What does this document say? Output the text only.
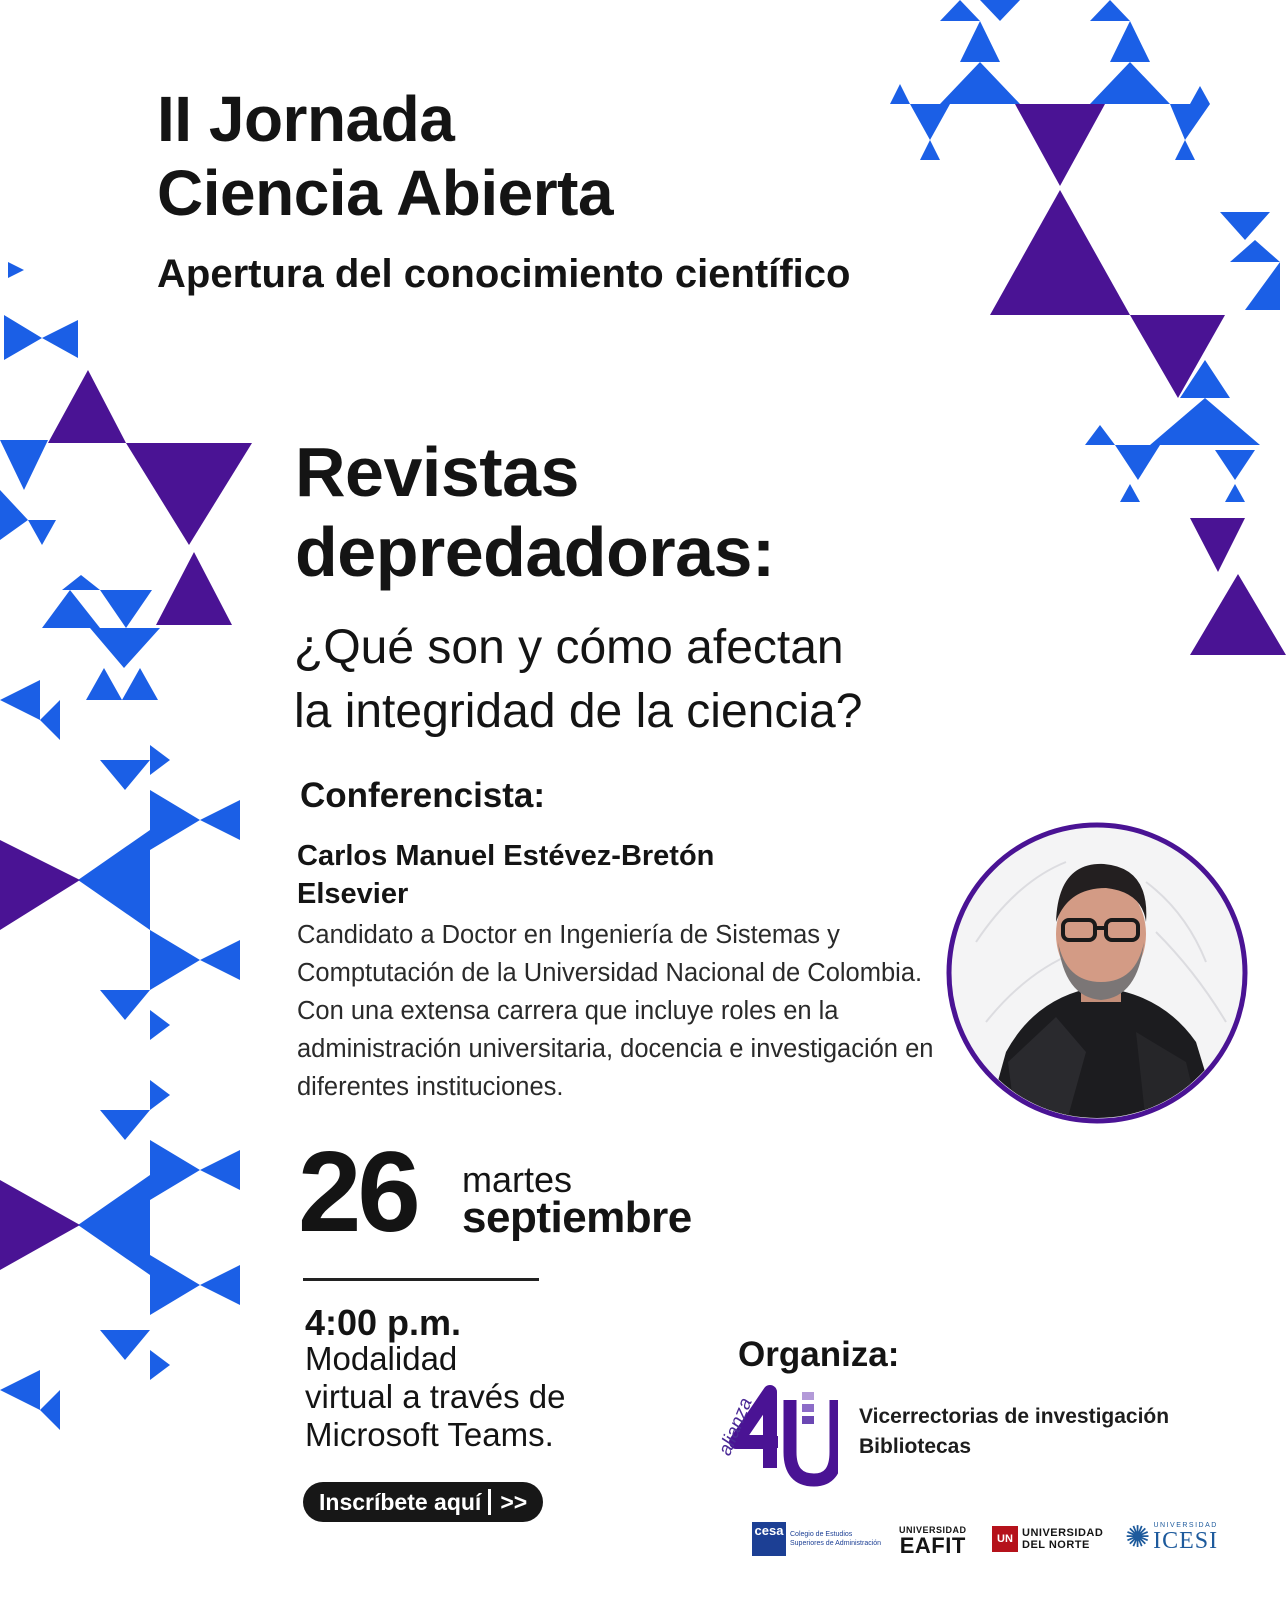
II Jornada
Ciencia Abierta
Apertura del conocimiento científico
Revistas
depredadoras:

¿Qué son y cómo afectan
la integridad de la ciencia?

Conferencista:
Carlos Manuel Estévez-Bretón
Elsevier

Candidato a Doctor en Ingeniería de Sistemas y Comptutación de la Universidad Nacional de Colombia. Con una extensa carrera que incluye roles en la administración universitaria, docencia e investigación en diferentes instituciones.

26 martes
septiembre
4:00 p.m.

Modalidad
virtual a través de
Microsoft Teams.

Inscríbete aquí >>
Organiza:
alianza	Vicerrectorias de investigación
Bibliotecas
cesa Colegio de Estudios Superiores de Administración
UNIVERSIDAD
EAFIT	UN UNIVERSIDAD
DEL NORTE	✺ UNIVERSIDAD
ICESI
